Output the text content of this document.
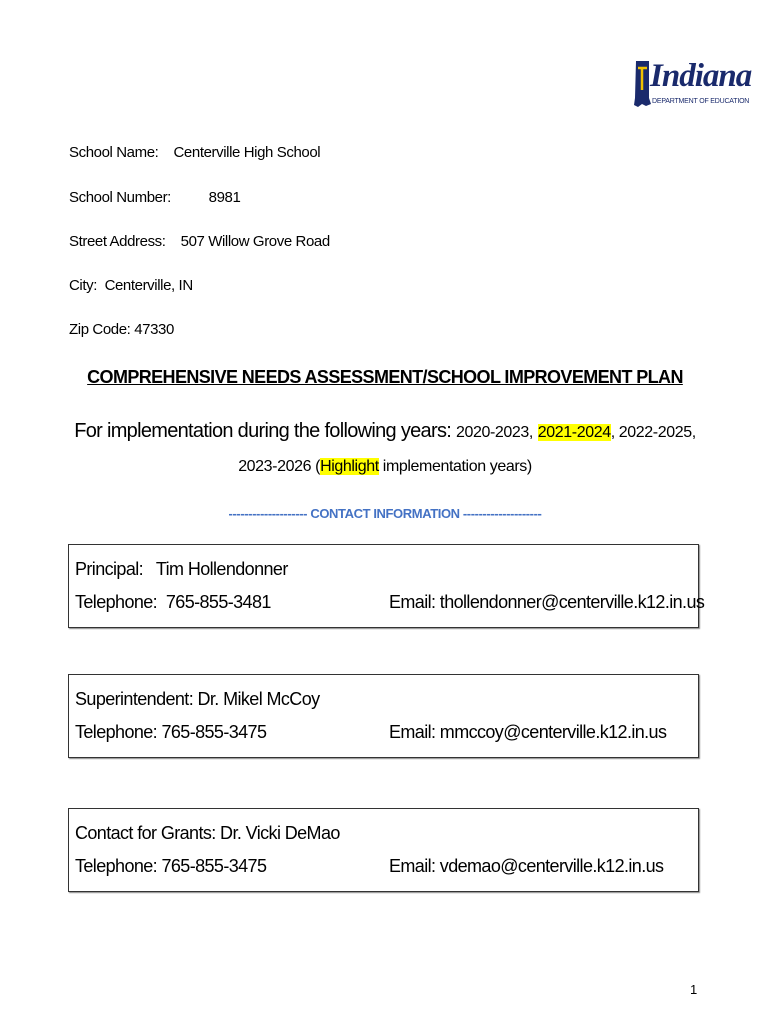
Indiana
DEPARTMENT OF EDUCATION
School Name: Centerville High School
School Number:	8981
Street Address: 507 Willow Grove Road
City: Centerville, IN
Zip Code: 47330
COMPREHENSIVE NEEDS ASSESSMENT/SCHOOL IMPROVEMENT PLAN
For implementation during the following years: 2020-2023, 2021-2024, 2022-2025,
2023-2026 (Highlight implementation years)
-------------------- CONTACT INFORMATION --------------------
Principal:   Tim Hollendonner
Telephone:  765-855-3481	Email: thollendonner@centerville.k12.in.us
Superintendent: Dr. Mikel McCoy
Telephone: 765-855-3475	Email: mmccoy@centerville.k12.in.us
Contact for Grants: Dr. Vicki DeMao
Telephone: 765-855-3475	Email: vdemao@centerville.k12.in.us
1
